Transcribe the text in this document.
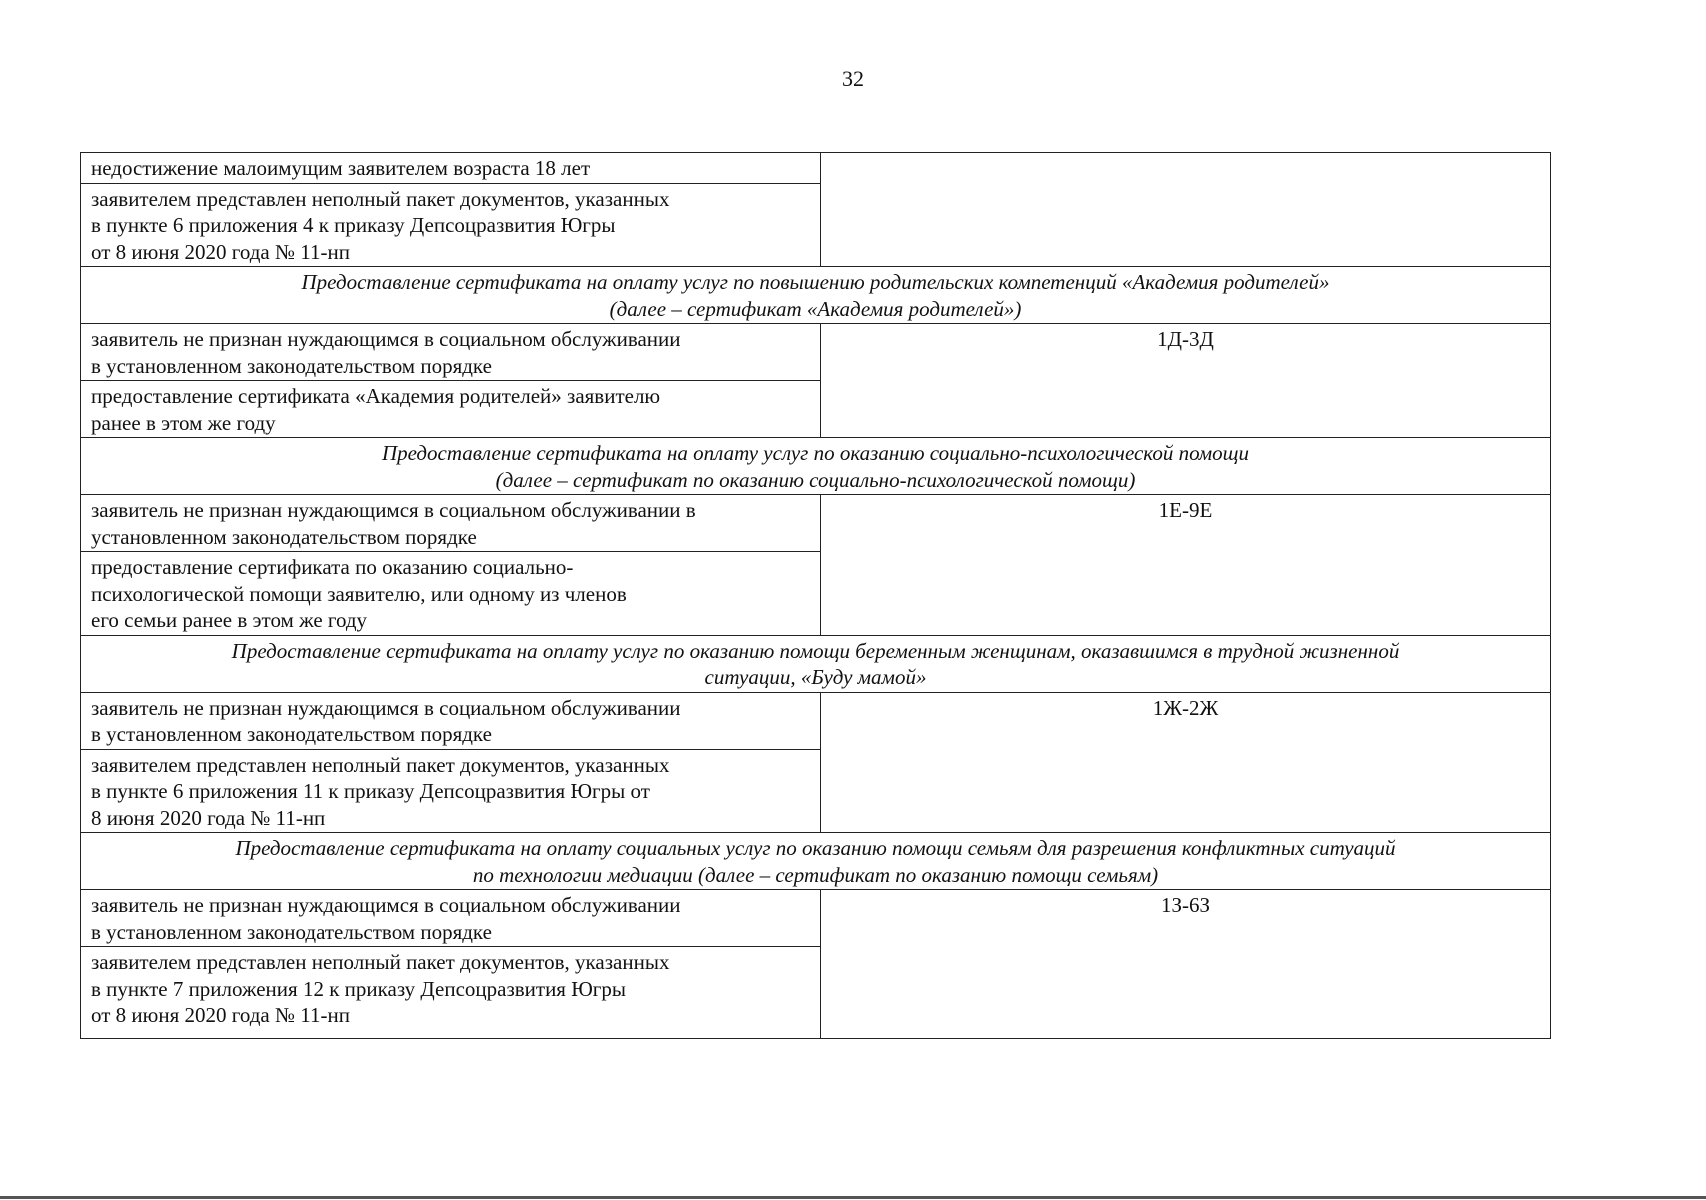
32
недостижение малоимущим заявителем возраста 18 лет	

заявителем представлен неполный пакет документов, указанных
в пункте 6 приложения 4 к приказу Депсоцразвития Югры
от 8 июня 2020 года № 11-нп	

Предоставление сертификата на оплату услуг по повышению родительских компетенций «Академия родителей»
(далее – сертификат «Академия родителей»)	

заявитель не признан нуждающимся в социальном обслуживании
в установленном законодательством порядке	1Д-3Д

предоставление сертификата «Академия родителей» заявителю
ранее в этом же году	

Предоставление сертификата на оплату услуг по оказанию социально-психологической помощи
(далее – сертификат по оказанию социально-психологической помощи)	

заявитель не признан нуждающимся в социальном обслуживании в
установленном законодательством порядке	1Е-9Е

предоставление сертификата по оказанию социально-
психологической помощи заявителю, или одному из членов
его семьи ранее в этом же году	

Предоставление сертификата на оплату услуг по оказанию помощи беременным женщинам, оказавшимся в трудной жизненной
ситуации, «Буду мамой»	

заявитель не признан нуждающимся в социальном обслуживании
в установленном законодательством порядке	1Ж-2Ж

заявителем представлен неполный пакет документов, указанных
в пункте 6 приложения 11 к приказу Депсоцразвития Югры от
8 июня 2020 года № 11-нп	

Предоставление сертификата на оплату социальных услуг по оказанию помощи семьям для разрешения конфликтных ситуаций
по технологии медиации (далее – сертификат по оказанию помощи семьям)	

заявитель не признан нуждающимся в социальном обслуживании
в установленном законодательством порядке	1З-6З

заявителем представлен неполный пакет документов, указанных
в пункте 7 приложения 12 к приказу Депсоцразвития Югры
от 8 июня 2020 года № 11-нп	
